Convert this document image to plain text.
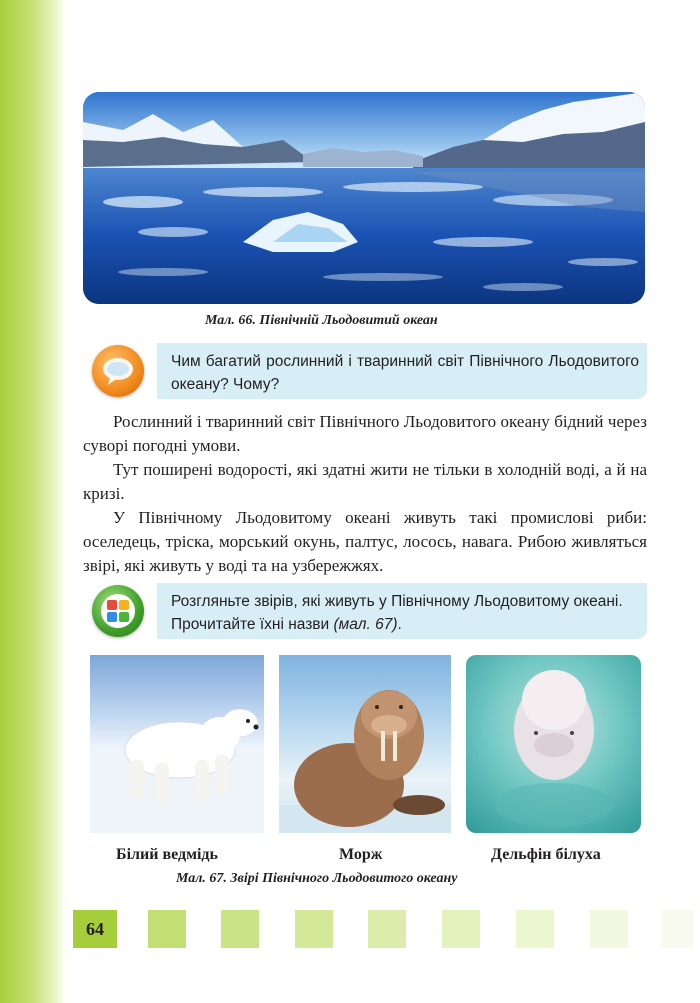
Мал. 66. Північній Льодовитий океан
Чим багатий рослинний і тваринний світ Північного Льодовитого океану? Чому?

Рослинний і тваринний світ Північного Льодовитого океану бідний через суворі погодні умови.

Тут поширені водорості, які здатні жити не тільки в холодній воді, а й на кризі.

У Північному Льодовитому океані живуть такі промислові риби: оселедець, тріска, морський окунь, палтус, лосось, навага. Рибою живляться звірі, які живуть у воді та на узбережжях.

Розгляньте звірів, які живуть у Північному Льодовитому океані. Прочитайте їхні назви (мал. 67).
Білий ведмідь	Морж	Дельфін білуха
Мал. 67. Звірі Північного Льодовитого океану
64
